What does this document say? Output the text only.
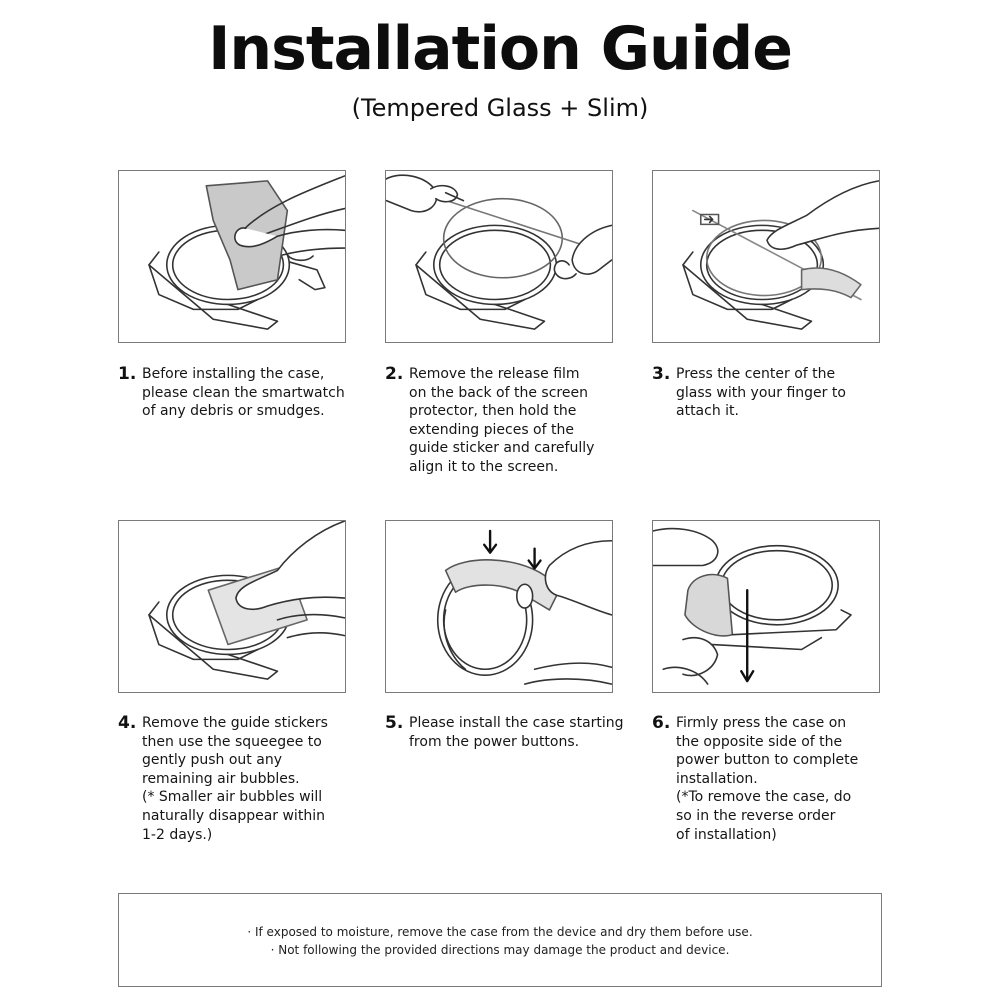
Installation Guide
(Tempered Glass + Slim)
1. Before installing the case,
please clean the smartwatch
of any debris or smudges.
2. Remove the release film
on the back of the screen
protector, then hold the
extending pieces of the
guide sticker and carefully
align it to the screen.
3. Press the center of the
glass with your finger to
attach it.
4. Remove the guide stickers
then use the squeegee to
gently push out any
remaining air bubbles.
(* Smaller air bubbles will
naturally disappear within
1-2 days.)
5. Please install the case starting
from the power buttons.
6. Firmly press the case on
the opposite side of the
power button to complete
installation.
(*To remove the case, do
so in the reverse order
of installation)
· If exposed to moisture, remove the case from the device and dry them before use.
· Not following the provided directions may damage the product and device.
